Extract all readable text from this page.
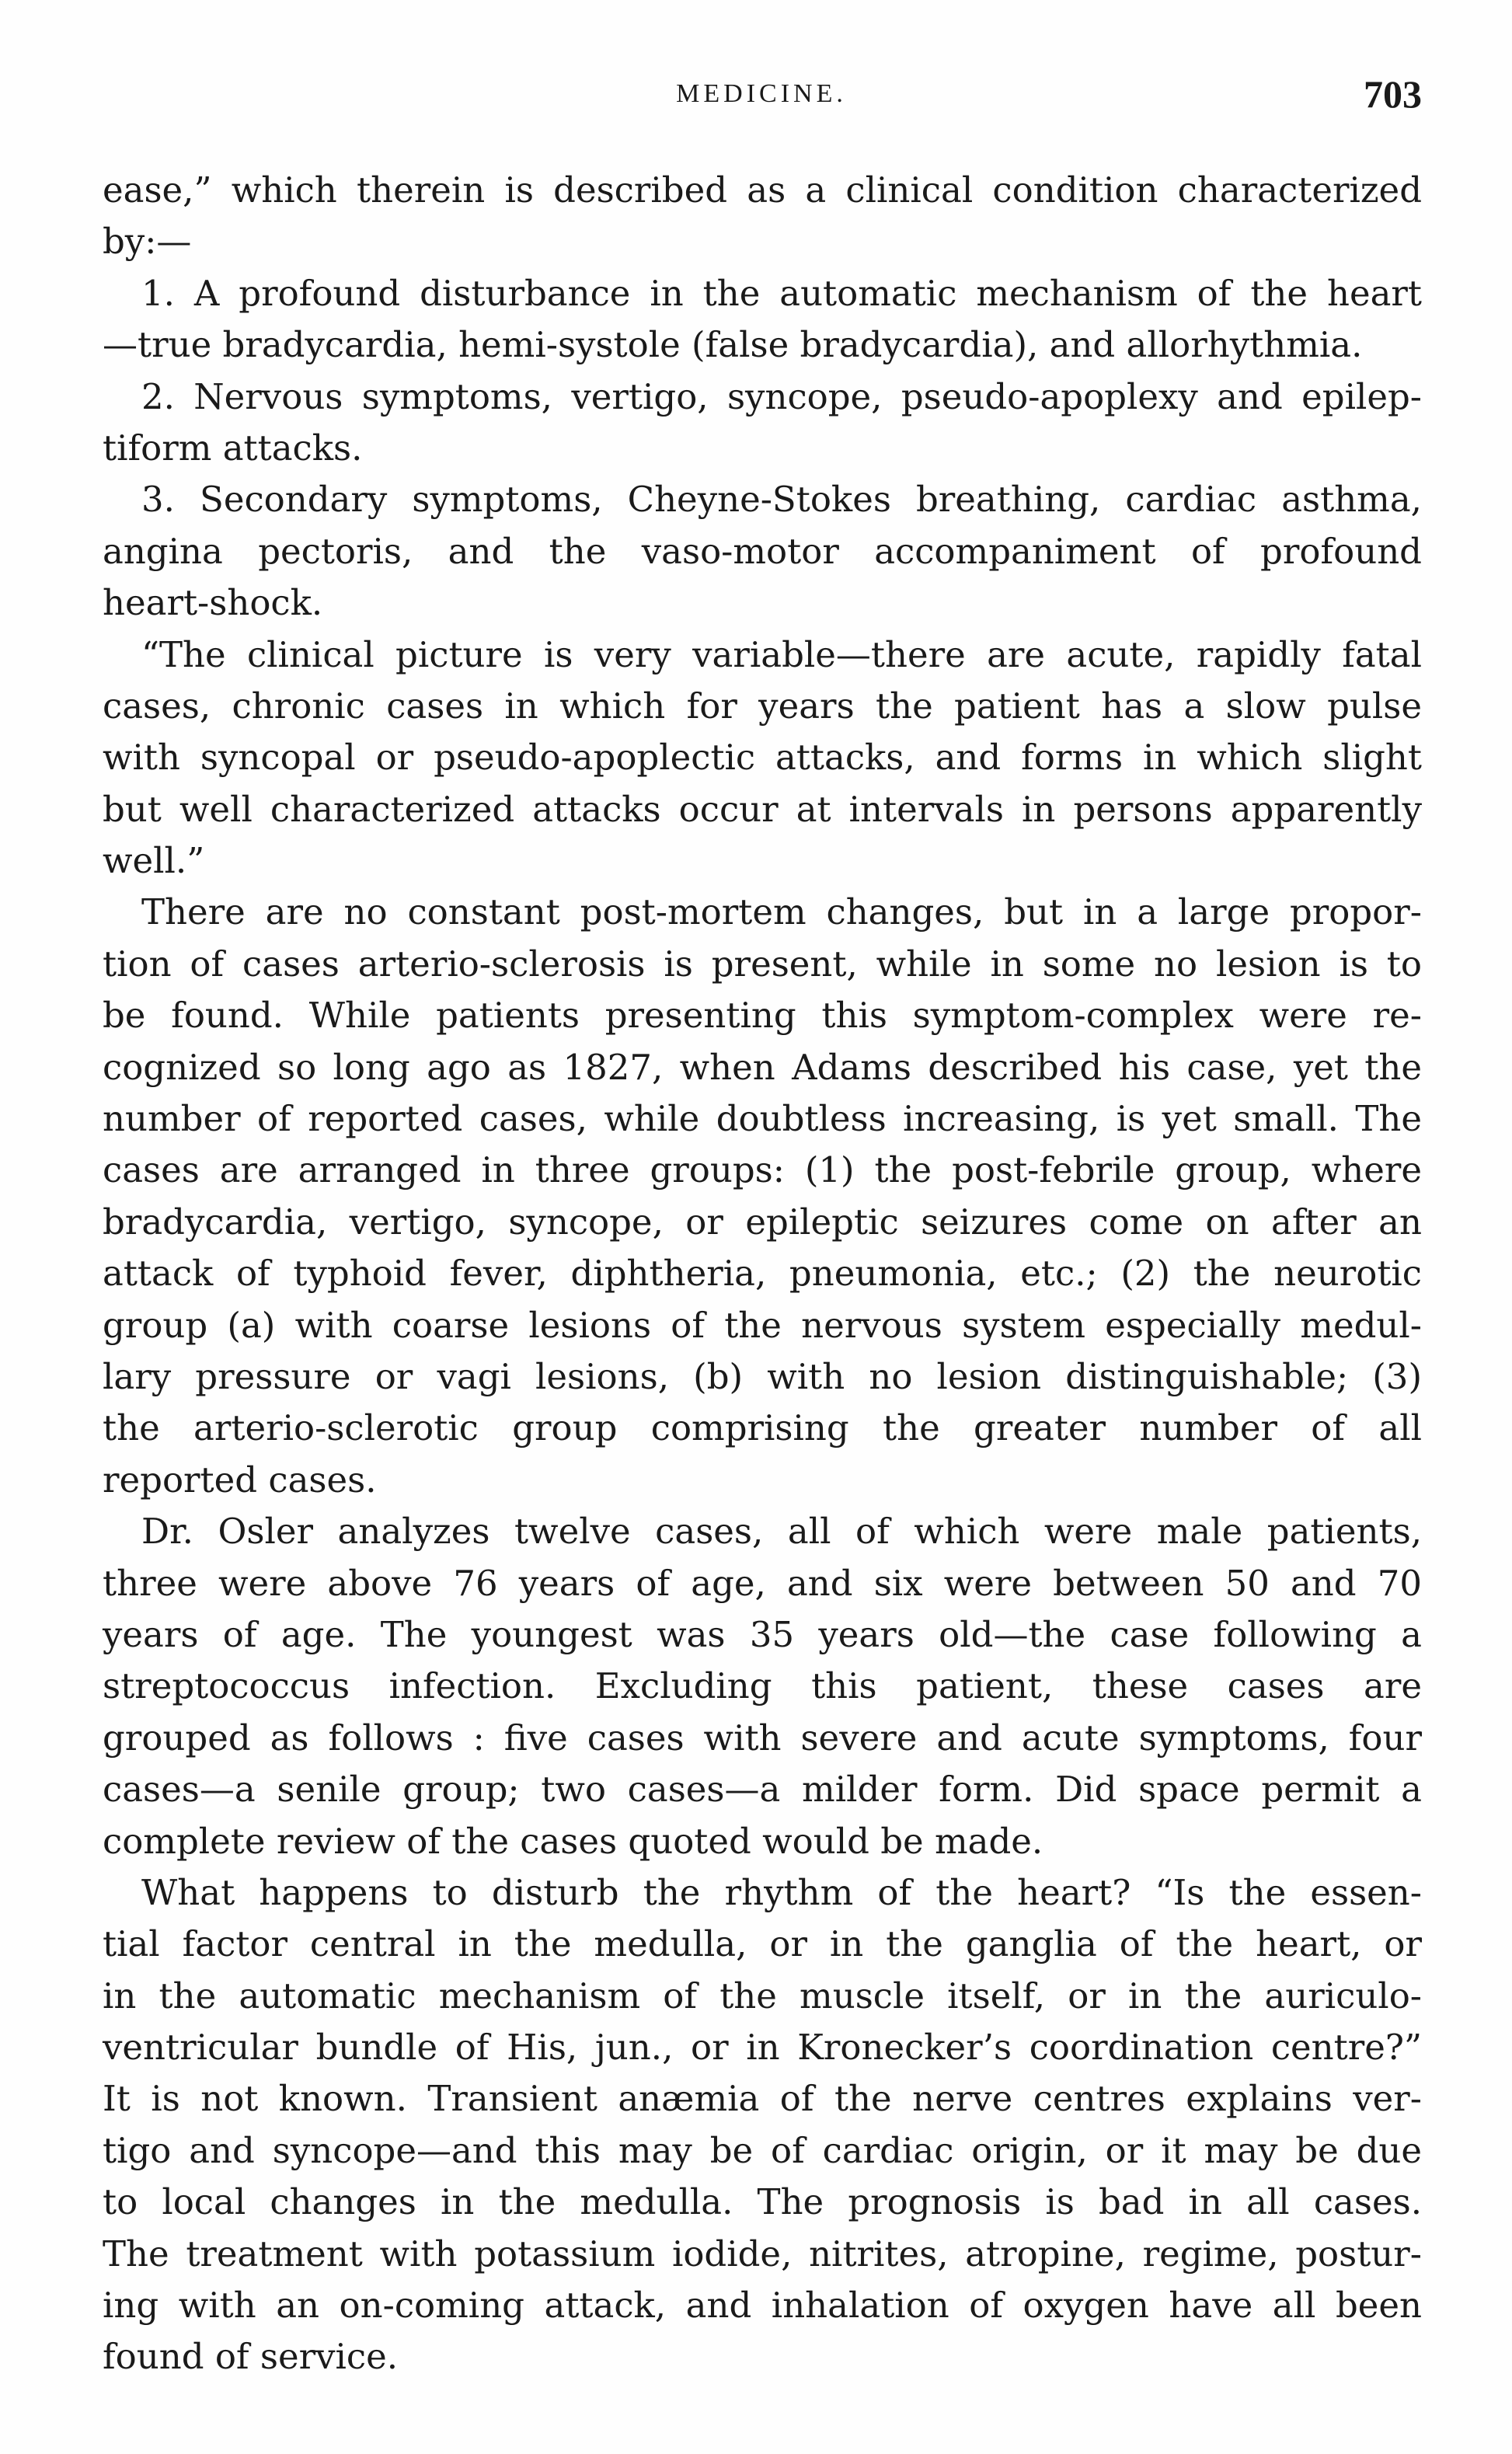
MEDICINE.	703
ease,” which therein is described as a clinical condition characterized
by:—
1. A profound disturbance in the automatic mechanism of the heart
—true bradycardia, hemi-systole (false bradycardia), and allorhythmia.
2. Nervous symptoms, vertigo, syncope, pseudo-apoplexy and epilep-
tiform attacks.
3. Secondary symptoms, Cheyne-Stokes breathing, cardiac asthma,
angina pectoris, and the vaso-motor accompaniment of profound
heart-shock.
“The clinical picture is very variable—there are acute, rapidly fatal
cases, chronic cases in which for years the patient has a slow pulse
with syncopal or pseudo-apoplectic attacks, and forms in which slight
but well characterized attacks occur at intervals in persons apparently
well.”
There are no constant post-mortem changes, but in a large propor-
tion of cases arterio-sclerosis is present, while in some no lesion is to
be found. While patients presenting this symptom-complex were re-
cognized so long ago as 1827, when Adams described his case, yet the
number of reported cases, while doubtless increasing, is yet small. The
cases are arranged in three groups: (1) the post-febrile group, where
bradycardia, vertigo, syncope, or epileptic seizures come on after an
attack of typhoid fever, diphtheria, pneumonia, etc.; (2) the neurotic
group (a) with coarse lesions of the nervous system especially medul-
lary pressure or vagi lesions, (b) with no lesion distinguishable; (3)
the arterio-sclerotic group comprising the greater number of all
reported cases.
Dr. Osler analyzes twelve cases, all of which were male patients,
three were above 76 years of age, and six were between 50 and 70
years of age. The youngest was 35 years old—the case following a
streptococcus infection. Excluding this patient, these cases are
grouped as follows : five cases with severe and acute symptoms, four
cases—a senile group; two cases—a milder form. Did space permit a
complete review of the cases quoted would be made.
What happens to disturb the rhythm of the heart? “Is the essen-
tial factor central in the medulla, or in the ganglia of the heart, or
in the automatic mechanism of the muscle itself, or in the auriculo-
ventricular bundle of His, jun., or in Kronecker’s coordination centre?”
It is not known. Transient anæmia of the nerve centres explains ver-
tigo and syncope—and this may be of cardiac origin, or it may be due
to local changes in the medulla. The prognosis is bad in all cases.
The treatment with potassium iodide, nitrites, atropine, regime, postur-
ing with an on-coming attack, and inhalation of oxygen have all been
found of service.
